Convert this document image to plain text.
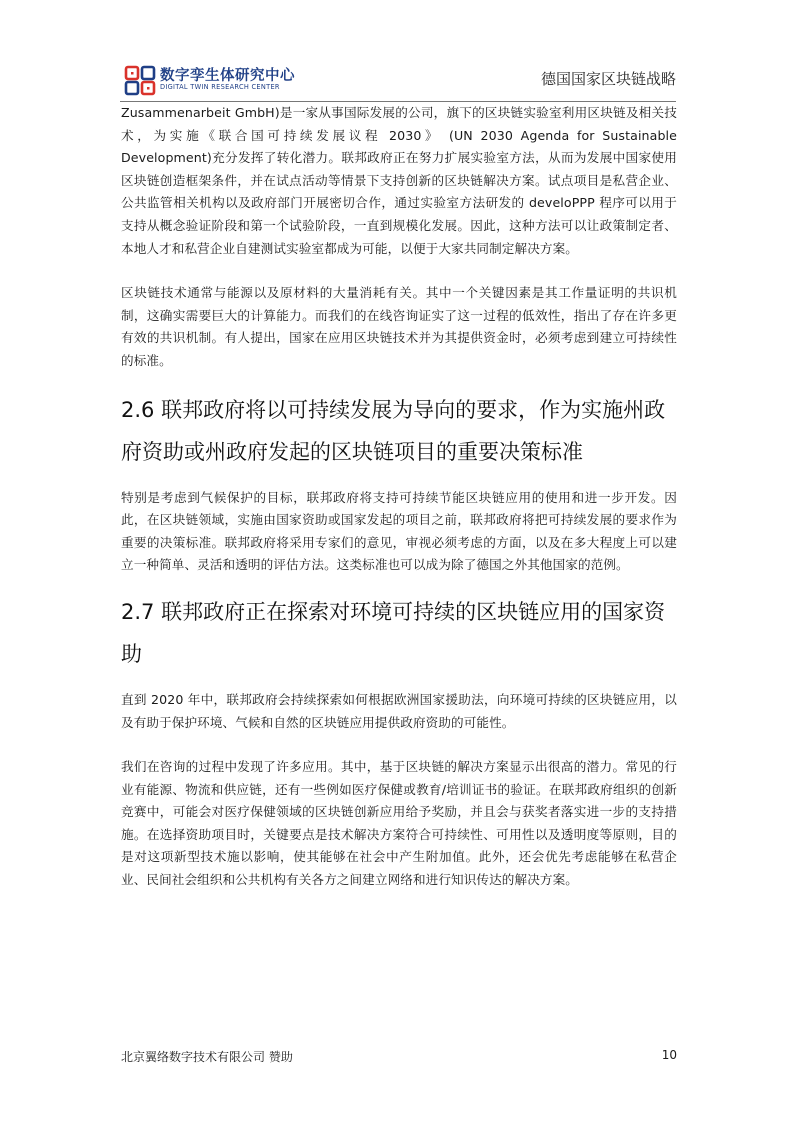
数字孪生体研究中心
DIGITAL TWIN RESEARCH CENTER	德国国家区块链战略

Zusammenarbeit GmbH)是一家从事国际发展的公司，旗下的区块链实验室利用区块链及相关技术，为实施《联合国可持续发展议程 2030》 (UN 2030 Agenda for Sustainable Development)充分发挥了转化潜力。联邦政府正在努力扩展实验室方法，从而为发展中国家使用区块链创造框架条件，并在试点活动等情景下支持创新的区块链解决方案。试点项目是私营企业、公共监管相关机构以及政府部门开展密切合作，通过实验室方法研发的 develoPPP 程序可以用于支持从概念验证阶段和第一个试验阶段，一直到规模化发展。因此，这种方法可以让政策制定者、本地人才和私营企业自建测试实验室都成为可能，以便于大家共同制定解决方案。

区块链技术通常与能源以及原材料的大量消耗有关。其中一个关键因素是其工作量证明的共识机制，这确实需要巨大的计算能力。而我们的在线咨询证实了这一过程的低效性，指出了存在许多更有效的共识机制。有人提出，国家在应用区块链技术并为其提供资金时，必须考虑到建立可持续性的标准。

2.6 联邦政府将以可持续发展为导向的要求，作为实施州政府资助或州政府发起的区块链项目的重要决策标准

特别是考虑到气候保护的目标，联邦政府将支持可持续节能区块链应用的使用和进一步开发。因此，在区块链领域，实施由国家资助或国家发起的项目之前，联邦政府将把可持续发展的要求作为重要的决策标准。联邦政府将采用专家们的意见，审视必须考虑的方面，以及在多大程度上可以建立一种简单、灵活和透明的评估方法。这类标准也可以成为除了德国之外其他国家的范例。

2.7 联邦政府正在探索对环境可持续的区块链应用的国家资助

直到 2020 年中，联邦政府会持续探索如何根据欧洲国家援助法，向环境可持续的区块链应用，以及有助于保护环境、气候和自然的区块链应用提供政府资助的可能性。

我们在咨询的过程中发现了许多应用。其中，基于区块链的解决方案显示出很高的潜力。常见的行业有能源、物流和供应链，还有一些例如医疗保健或教育/培训证书的验证。在联邦政府组织的创新竞赛中，可能会对医疗保健领域的区块链创新应用给予奖励，并且会与获奖者落实进一步的支持措施。在选择资助项目时，关键要点是技术解决方案符合可持续性、可用性以及透明度等原则，目的是对这项新型技术施以影响，使其能够在社会中产生附加值。此外，还会优先考虑能够在私营企业、民间社会组织和公共机构有关各方之间建立网络和进行知识传达的解决方案。

北京翼络数字技术有限公司 赞助	10
